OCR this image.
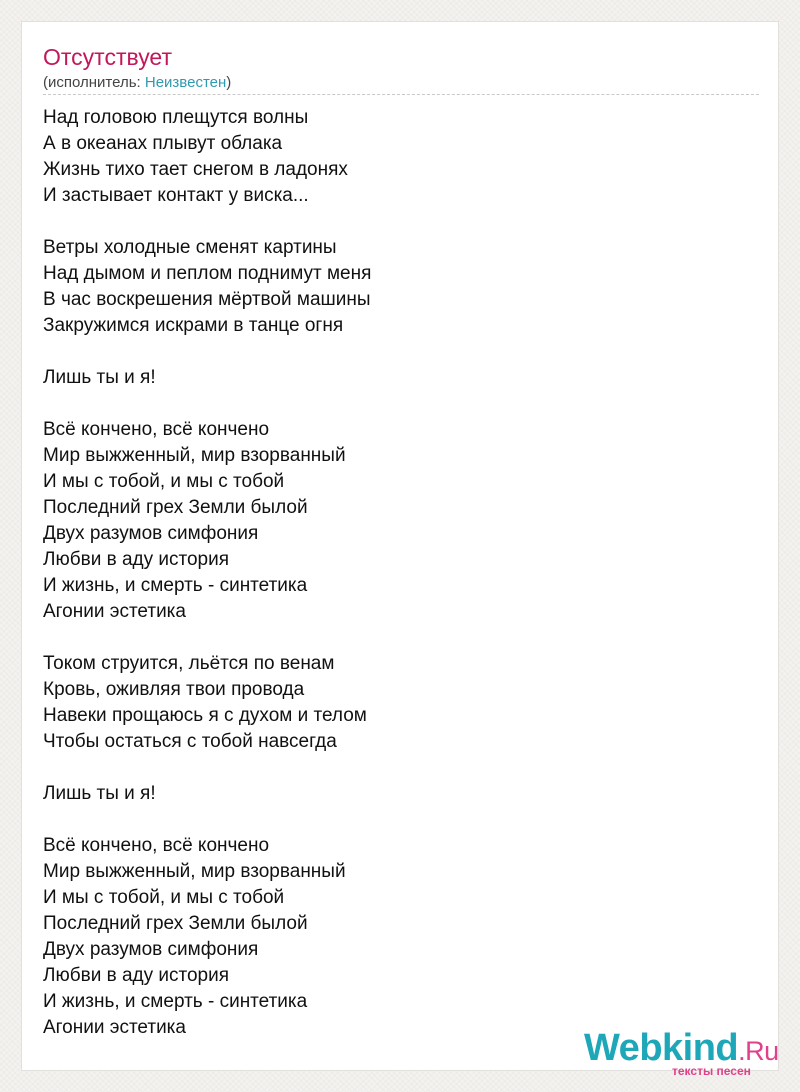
Отсутствует
(исполнитель: Неизвестен)
Над головою плещутся волны
А в океанах плывут облака
Жизнь тихо тает снегом в ладонях
И застывает контакт у виска...
Ветры холодные сменят картины
Над дымом и пеплом поднимут меня
В час воскрешения мёртвой машины
Закружимся искрами в танце огня
Лишь ты и я!
Всё кончено, всё кончено
Мир выжженный, мир взорванный
И мы с тобой, и мы с тобой
Последний грех Земли былой
Двух разумов симфония
Любви в аду история
И жизнь, и смерть - синтетика
Агонии эстетика
Током струится, льётся по венам
Кровь, оживляя твои провода
Навеки прощаюсь я с духом и телом
Чтобы остаться с тобой навсегда
Лишь ты и я!
Всё кончено, всё кончено
Мир выжженный, мир взорванный
И мы с тобой, и мы с тобой
Последний грех Земли былой
Двух разумов симфония
Любви в аду история
И жизнь, и смерть - синтетика
Агонии эстетика	Webkind.Ru
тексты песен
